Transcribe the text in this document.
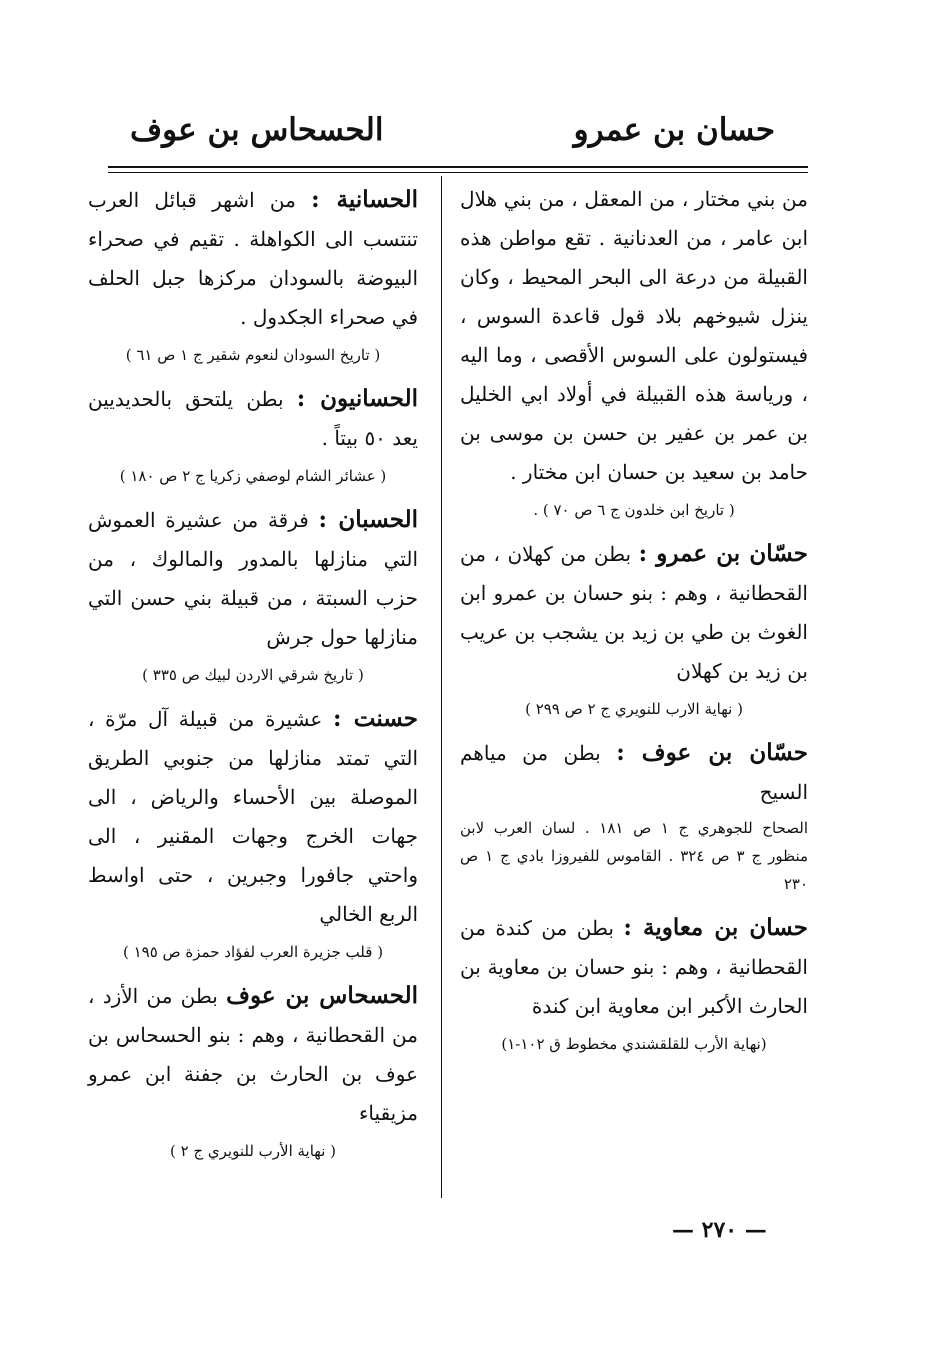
حسان بن عمرو
الحسحاس بن عوف

من بني مختار ، من المعقل ، من بني هلال ابن عامر ، من العدنانية . تقع مواطن هذه القبيلة من درعة الى البحر المحيط ، وكان ينزل شيوخهم بلاد قول قاعدة السوس ، فيستولون على السوس الأقصى ، وما اليه ، ورياسة هذه القبيلة في أولاد ابي الخليل بن عمر بن عفير بن حسن بن موسى بن حامد بن سعيد بن حسان ابن مختار .

( تاريخ ابن خلدون ج ٦ ص ٧٠ ) .

حسّان بن عمرو : بطن من كهلان ، من القحطانية ، وهم : بنو حسان بن عمرو ابن الغوث بن طي بن زيد بن يشجب بن عريب بن زيد بن كهلان

( نهاية الارب للنويري ج ٢ ص ٢٩٩ )

حسّان بن عوف : بطن من مياهم السيح

الصحاح للجوهري ج ١ ص ١٨١ . لسان العرب لابن منظور ج ٣ ص ٣٢٤ . القاموس للفيروزا بادي ج ١ ص ٢٣٠

حسان بن معاوية : بطن من كندة من القحطانية ، وهم : بنو حسان بن معاوية بن الحارث الأكبر ابن معاوية ابن كندة

(نهاية الأرب للقلقشندي مخطوط ق ١٠٢-١)

الحسانية : من اشهر قبائل العرب تنتسب الى الكواهلة . تقيم في صحراء البيوضة بالسودان مركزها جبل الحلف في صحراء الجكدول .

( تاريخ السودان لنعوم شقير ج ١ ص ٦١ )

الحسانيون : بطن يلتحق بالحديديين يعد ٥٠ بيتاً .

( عشائر الشام لوصفي زكريا ج ٢ ص ١٨٠ )

الحسبان : فرقة من عشيرة العموش التي منازلها بالمدور والمالوك ، من حزب السبتة ، من قبيلة بني حسن التي منازلها حول جرش

( تاريخ شرقي الاردن لبيك ص ٣٣٥ )

حسنت : عشيرة من قبيلة آل مرّة ، التي تمتد منازلها من جنوبي الطريق الموصلة بين الأحساء والرياض ، الى جهات الخرج وجهات المقنير ، الى واحتي جافورا وجبرين ، حتى اواسط الربع الخالي

( قلب جزيرة العرب لفؤاد حمزة ص ١٩٥ )

الحسحاس بن عوف بطن من الأزد ، من القحطانية ، وهم : بنو الحسحاس بن عوف بن الحارث بن جفنة ابن عمرو مزيقياء

( نهاية الأرب للنويري ج ٢ )
— ٢٧٠ —
